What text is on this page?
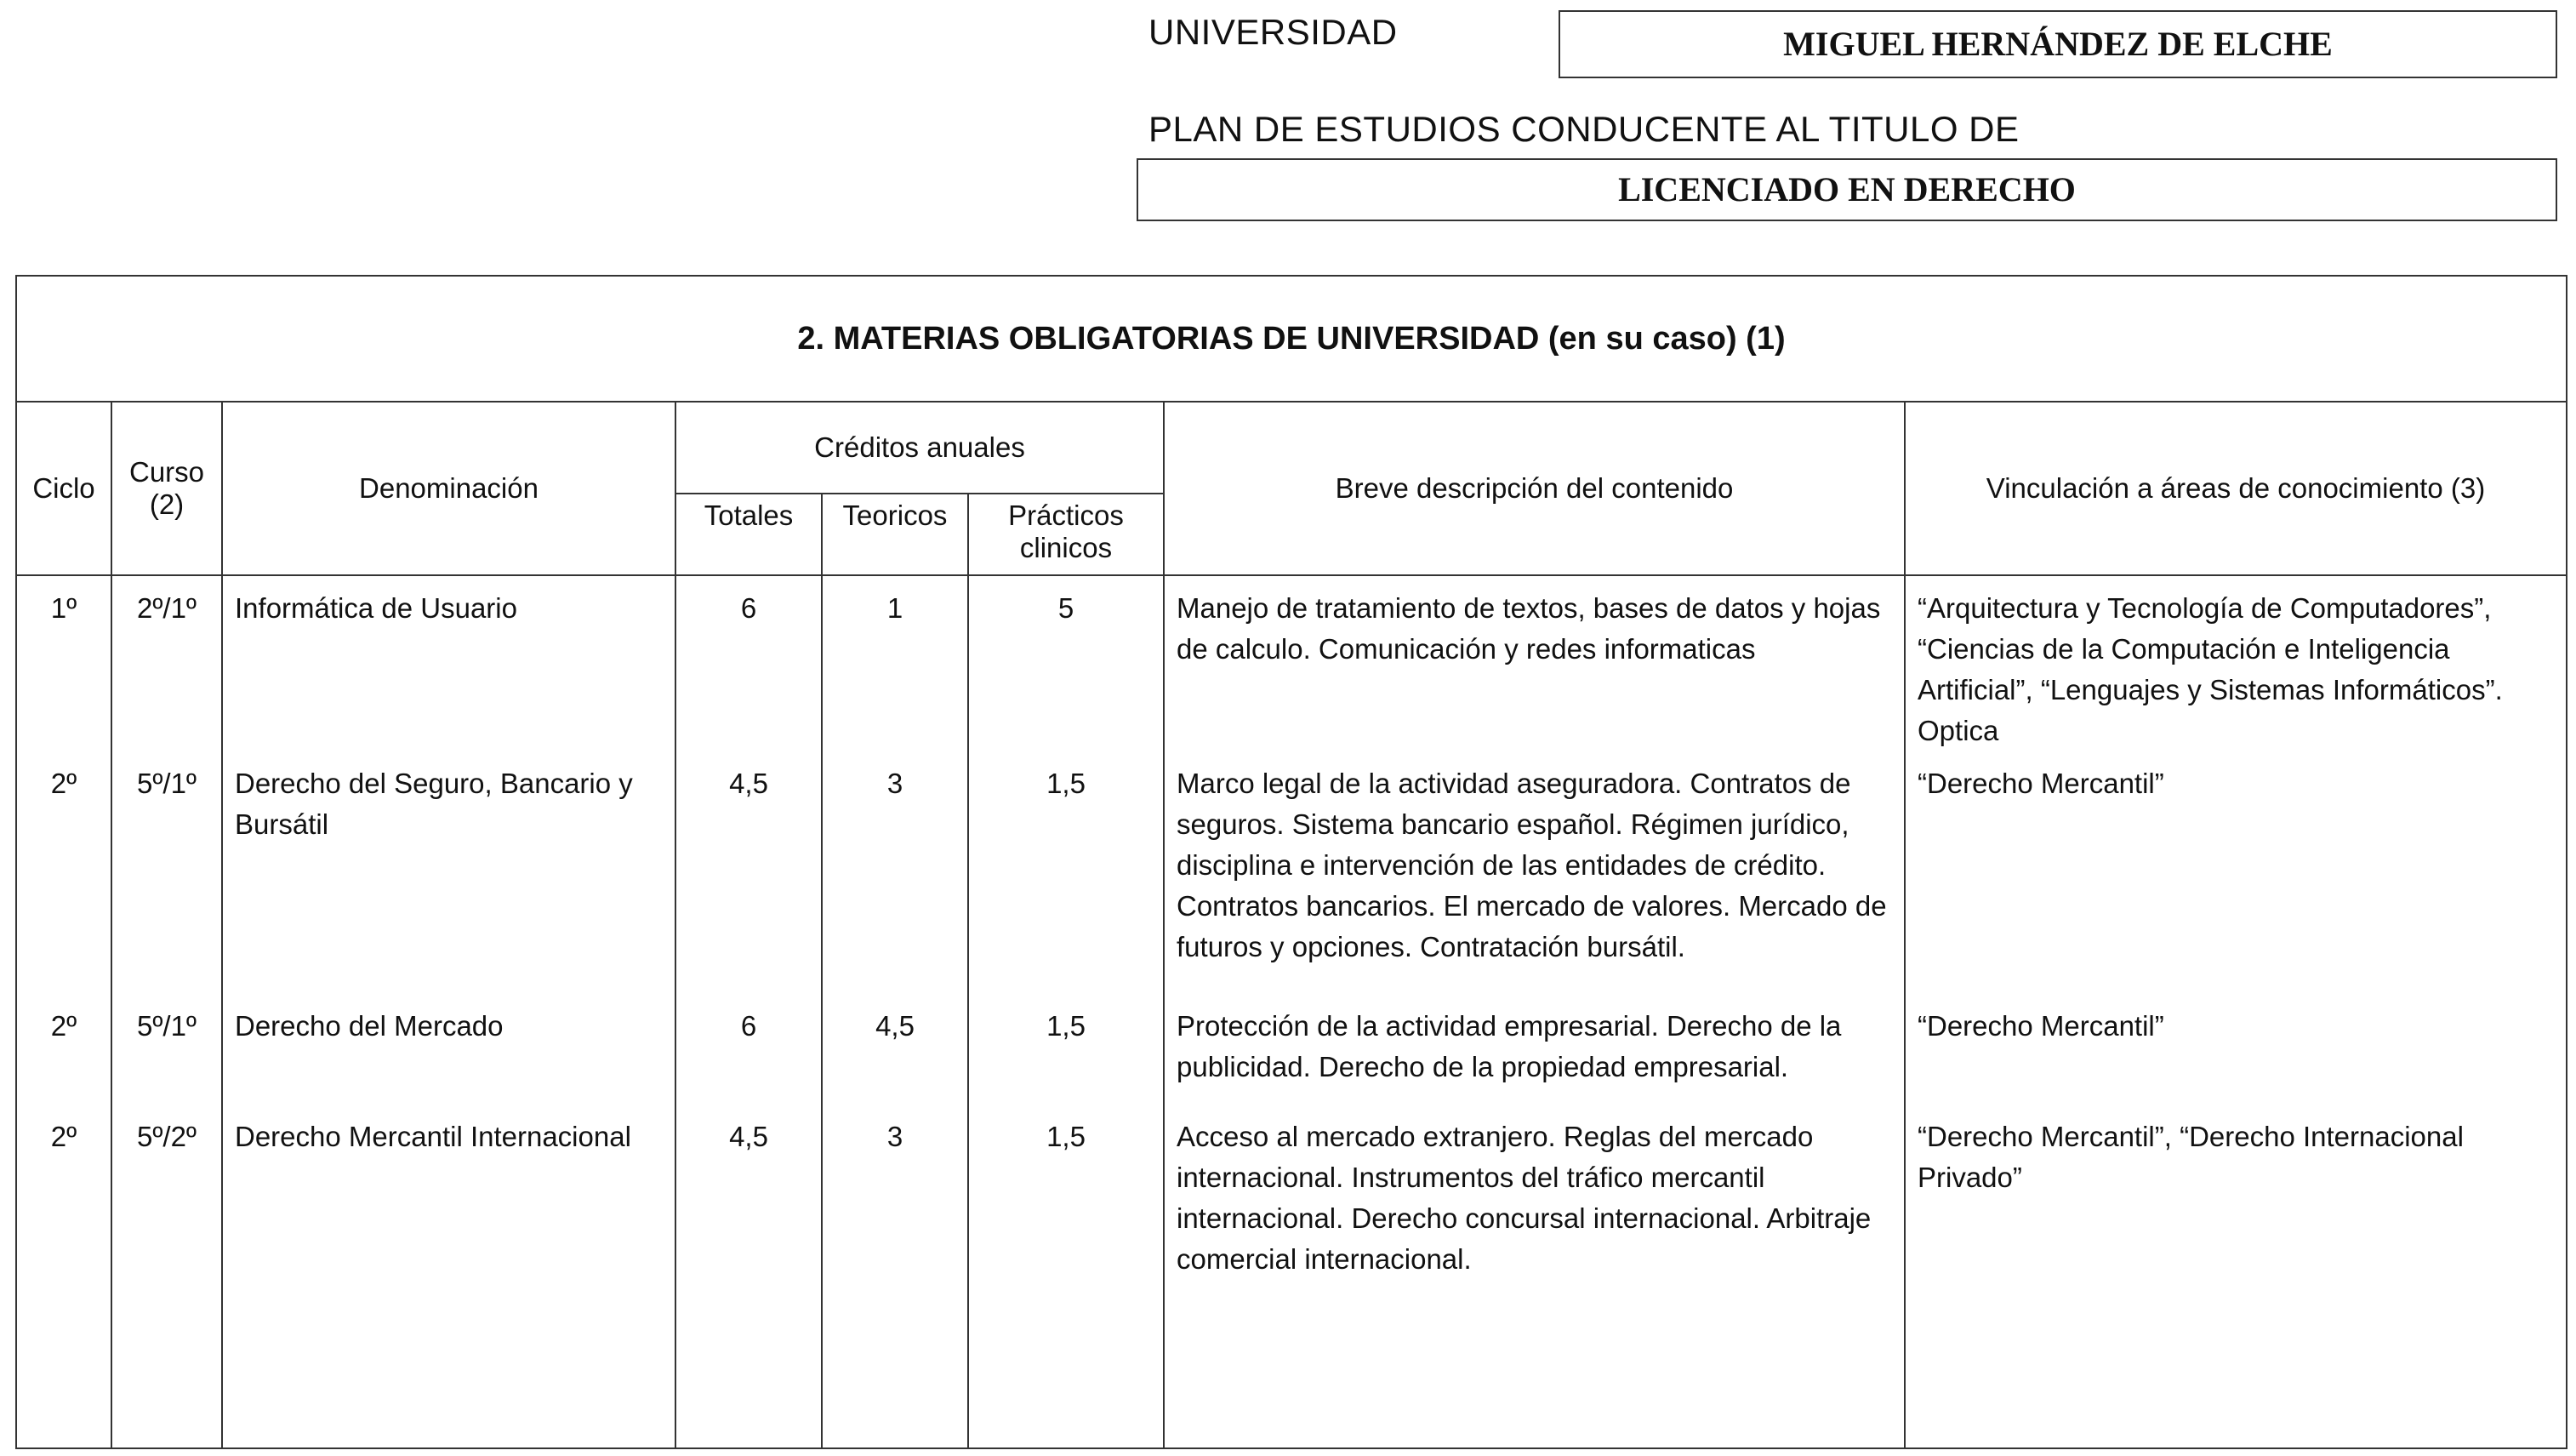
UNIVERSIDAD	MIGUEL HERNÁNDEZ DE ELCHE
PLAN DE ESTUDIOS CONDUCENTE AL TITULO DE
LICENCIADO EN DERECHO
2. MATERIAS OBLIGATORIAS DE UNIVERSIDAD (en su caso) (1)							
Ciclo	Curso (2)	Denominación	Créditos anuales			Breve descripción del contenido	Vinculación a áreas de conocimiento (3)
			Totales	Teoricos	Prácticos clinicos		
1º	2º/1º	Informática de Usuario	6	1	5	Manejo de tratamiento de textos, bases de datos y hojas de calculo. Comunicación y redes informaticas	“Arquitectura y Tecnología de Computadores”, “Ciencias de la Computación e Inteligencia Artificial”, “Lenguajes y Sistemas Informáticos”. Optica
2º	5º/1º	Derecho del Seguro, Bancario y Bursátil	4,5	3	1,5	Marco legal de la actividad aseguradora. Contratos de seguros. Sistema bancario español. Régimen jurídico, disciplina e intervención de las entidades de crédito. Contratos bancarios. El mercado de valores. Mercado de futuros y opciones. Contratación bursátil.	“Derecho Mercantil”
2º	5º/1º	Derecho del Mercado	6	4,5	1,5	Protección de la actividad empresarial. Derecho de la publicidad. Derecho de la propiedad empresarial.	“Derecho Mercantil”
2º	5º/2º	Derecho Mercantil Internacional	4,5	3	1,5	Acceso al mercado extranjero. Reglas del mercado internacional. Instrumentos del tráfico mercantil internacional. Derecho concursal internacional. Arbitraje comercial internacional.	“Derecho Mercantil”, “Derecho Internacional Privado”
